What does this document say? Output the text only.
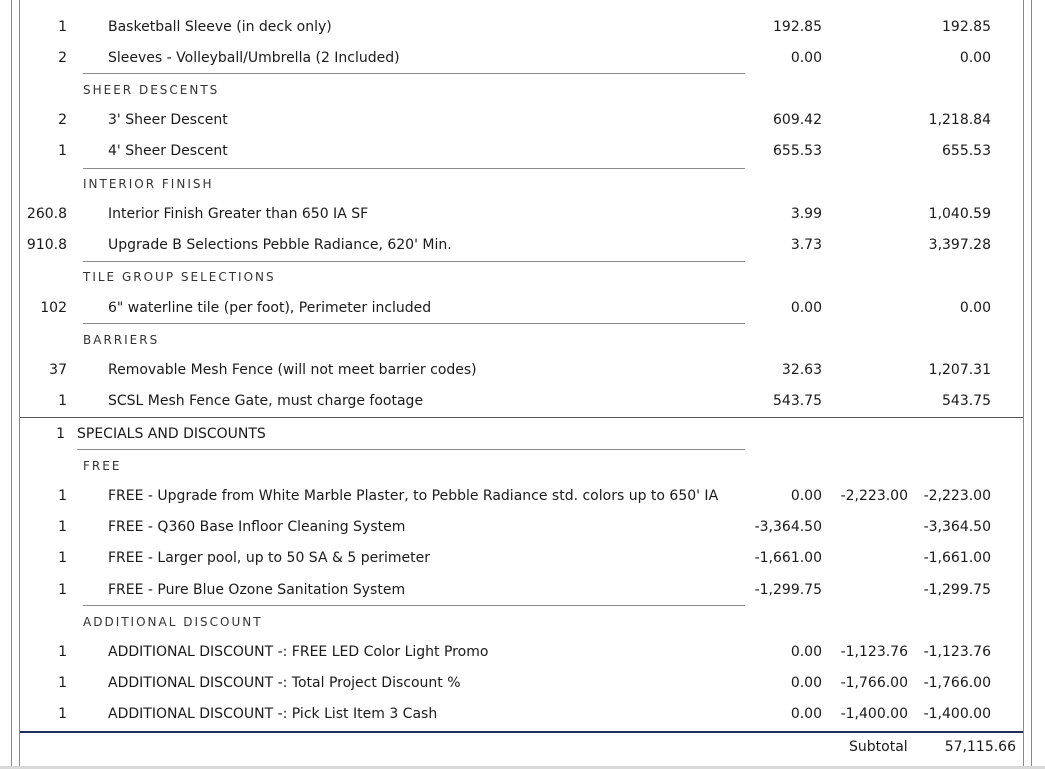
1	Basketball Sleeve (in deck only)	192.85	192.85
2	Sleeves - Volleyball/Umbrella (2 Included)	0.00	0.00
SHEER DESCENTS
2	3' Sheer Descent	609.42	1,218.84
1	4' Sheer Descent	655.53	655.53
INTERIOR FINISH
260.8	Interior Finish Greater than 650 IA SF	3.99	1,040.59
910.8	Upgrade B Selections Pebble Radiance, 620' Min.	3.73	3,397.28
TILE GROUP SELECTIONS
102	6" waterline tile (per foot), Perimeter included	0.00	0.00
BARRIERS
37	Removable Mesh Fence (will not meet barrier codes)	32.63	1,207.31
1	SCSL Mesh Fence Gate, must charge footage	543.75	543.75
1 SPECIALS AND DISCOUNTS
FREE
1	FREE - Upgrade from White Marble Plaster, to Pebble Radiance std. colors up to 650' IA	0.00 -2,223.00 -2,223.00
1	FREE - Q360 Base Infloor Cleaning System	-3,364.50	-3,364.50
1	FREE - Larger pool, up to 50 SA & 5 perimeter	-1,661.00	-1,661.00
1	FREE - Pure Blue Ozone Sanitation System	-1,299.75	-1,299.75
ADDITIONAL DISCOUNT
1	ADDITIONAL DISCOUNT -: FREE LED Color Light Promo	0.00 -1,123.76 -1,123.76
1	ADDITIONAL DISCOUNT -: Total Project Discount %	0.00 -1,766.00 -1,766.00
1	ADDITIONAL DISCOUNT -: Pick List Item 3 Cash	0.00 -1,400.00 -1,400.00
Subtotal	57,115.66
